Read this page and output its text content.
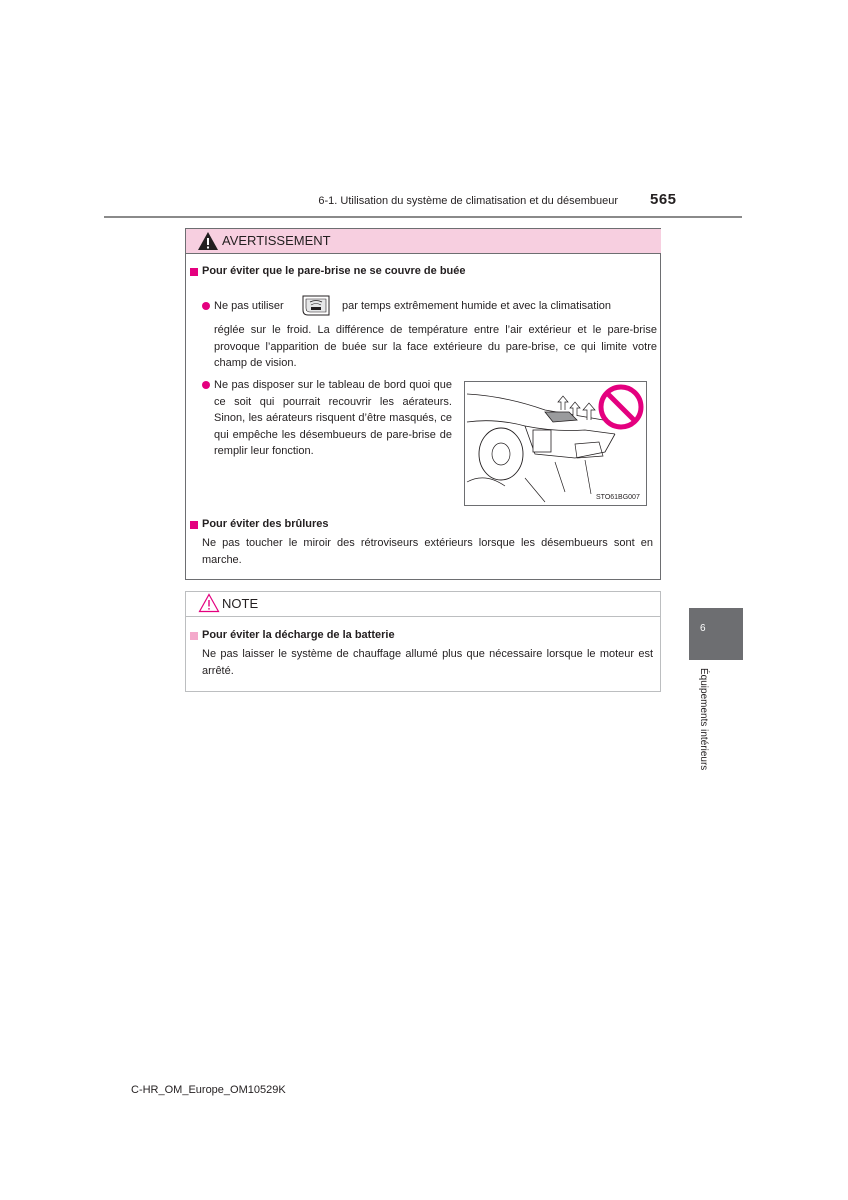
6-1. Utilisation du système de climatisation et du désembueur 565
AVERTISSEMENT
Pour éviter que le pare-brise ne se couvre de buée
Ne pas utiliser	par temps extrêmement humide et avec la climatisation
réglée sur le froid. La différence de température entre l’air extérieur et le pare-brise provoque l’apparition de buée sur la face extérieure du pare-brise, ce qui limite votre champ de vision.
Ne pas disposer sur le tableau de bord quoi que ce soit qui pourrait recouvrir les aérateurs. Sinon, les aérateurs risquent d’être masqués, ce qui empêche les désembueurs de pare-brise de remplir leur fonction.
STO61BG007
Pour éviter des brûlures
Ne pas toucher le miroir des rétroviseurs extérieurs lorsque les désembueurs sont en marche.
NOTE
Pour éviter la décharge de la batterie
Ne pas laisser le système de chauffage allumé plus que nécessaire lorsque le moteur est arrêté.
6
Équipements intérieurs
C-HR_OM_Europe_OM10529K
